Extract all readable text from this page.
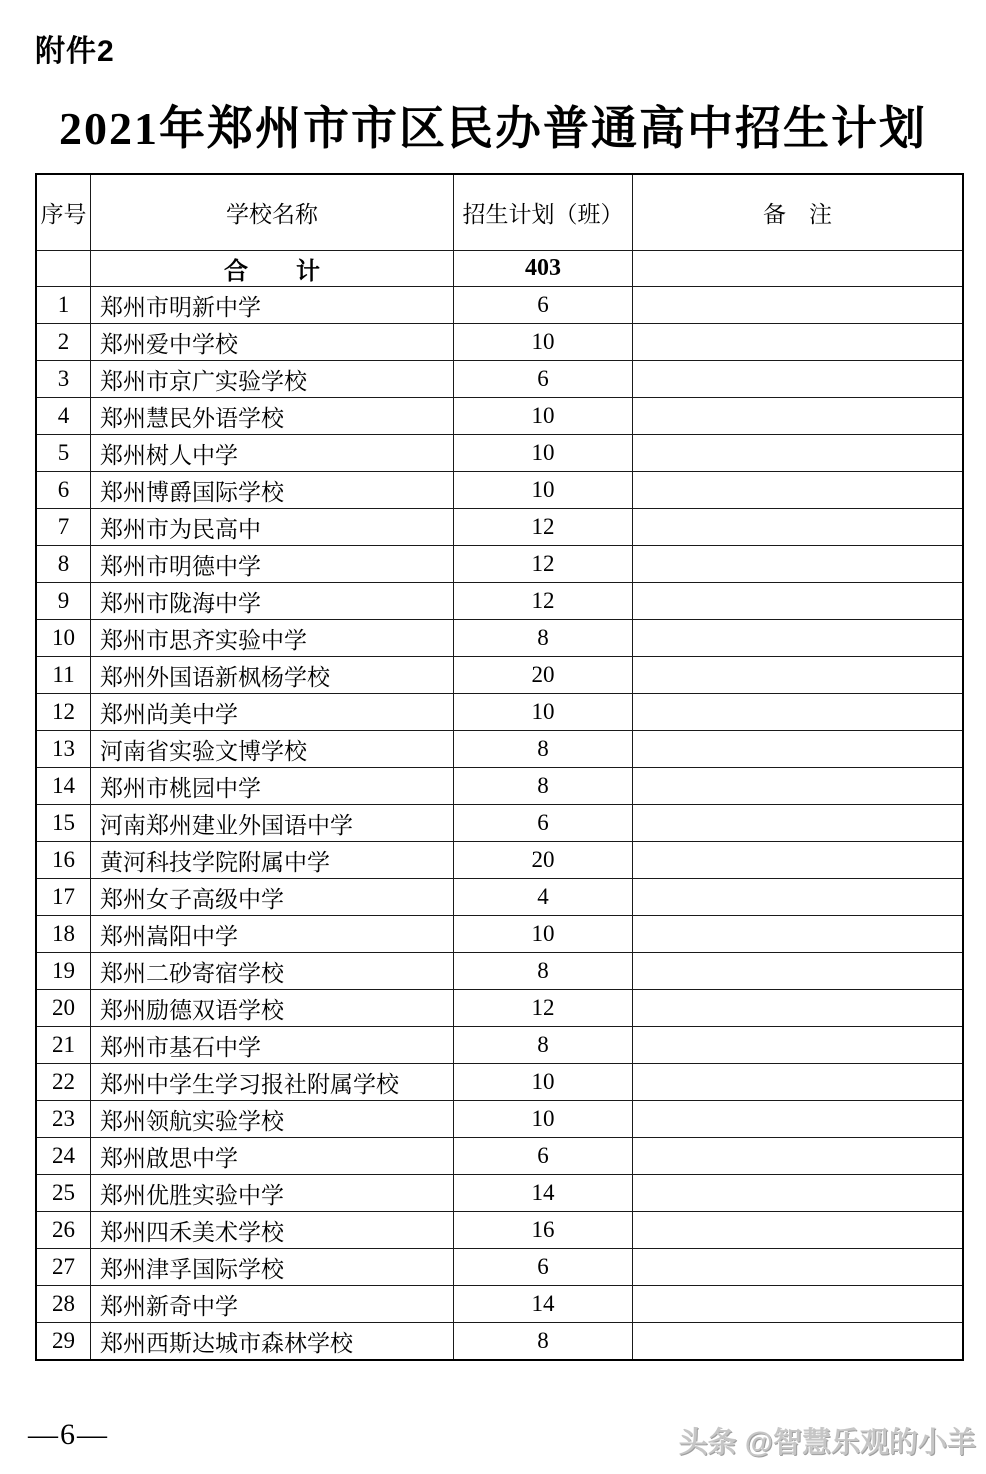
附件2
2021年郑州市市区民办普通高中招生计划
序号	学校名称	招生计划（班）	备　注
	合　　计	403	
1	郑州市明新中学	6	
2	郑州爱中学校	10	
3	郑州市京广实验学校	6	
4	郑州慧民外语学校	10	
5	郑州树人中学	10	
6	郑州博爵国际学校	10	
7	郑州市为民高中	12	
8	郑州市明德中学	12	
9	郑州市陇海中学	12	
10	郑州市思齐实验中学	8	
11	郑州外国语新枫杨学校	20	
12	郑州尚美中学	10	
13	河南省实验文博学校	8	
14	郑州市桃园中学	8	
15	河南郑州建业外国语中学	6	
16	黄河科技学院附属中学	20	
17	郑州女子高级中学	4	
18	郑州嵩阳中学	10	
19	郑州二砂寄宿学校	8	
20	郑州励德双语学校	12	
21	郑州市基石中学	8	
22	郑州中学生学习报社附属学校	10	
23	郑州领航实验学校	10	
24	郑州啟思中学	6	
25	郑州优胜实验中学	14	
26	郑州四禾美术学校	16	
27	郑州津孚国际学校	6	
28	郑州新奇中学	14	
29	郑州西斯达城市森林学校	8	
—6—	头条 @智慧乐观的小羊
